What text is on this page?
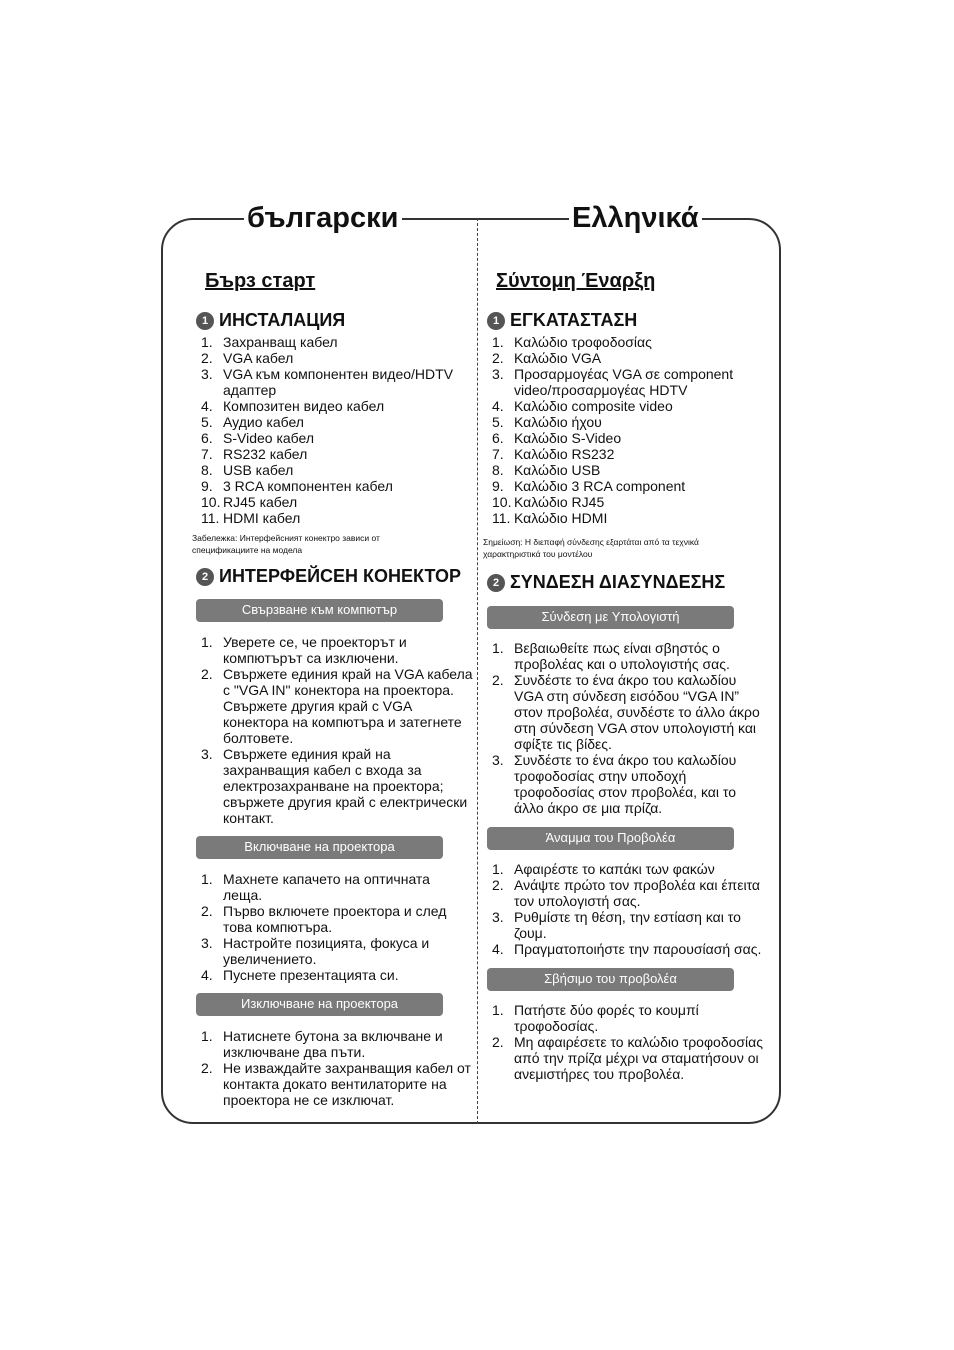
български	Ελληνικά
Бърз старт
1 ИНСТАЛАЦИЯ
1. Захранващ кабел
2. VGA кабел
3. VGA към компонентен видео/HDTV адаптер
4. Композитен видео кабел
5. Аудио кабел
6. S-Video кабел
7. RS232 кабел
8. USB кабел
9. 3 RCA компонентен кабел
10. RJ45 кабел
11. HDMI кабел
Забележка: Интерфейсният конектро зависи от спецификациите на модела
2 ИНТЕРФЕЙСЕН КОНЕКТОР
Свързване към компютър
1. Уверете се, че проекторът и компютърът са изключени.
2. Свържете единия край на VGA кабела с "VGA IN" конектора на проектора. Свържете другия край с VGA конектора на компютъра и затегнете болтовете.
3. Свържете единия край на захранващия кабел с входа за електрозахранване на проектора; свържете другия край с електрически контакт.
Включване на проектора
1. Махнете капачето на оптичната леща.
2. Първо включете проектора и след това компютъра.
3. Настройте позицията, фокуса и увеличението.
4. Пуснете презентацията си.
Изключване на проектора
1. Натиснете бутона за включване и изключване два пъти.
2. Не изваждайте захранващия кабел от контакта докато вентилаторите на проектора не се изключат.
Σύντομη Έναρξη
1 ΕΓΚΑΤΑΣΤΑΣΗ
1. Καλώδιο τροφοδοσίας
2. Καλώδιο VGA
3. Προσαρμογέας VGA σε component video/προσαρμογέας HDTV
4. Καλώδιο composite video
5. Καλώδιο ήχου
6. Καλώδιο S-Video
7. Καλώδιο RS232
8. Καλώδιο USB
9. Καλώδιο 3 RCA component
10. Καλώδιο RJ45
11. Καλώδιο HDMI
Σημείωση: Η διεπαφή σύνδεσης εξαρτάται από τα τεχνικά χαρακτηριστικά του μοντέλου
2 ΣΥΝΔΕΣΗ ΔΙΑΣΥΝΔΕΣΗΣ
Σύνδεση με Υπολογιστή
1. Βεβαιωθείτε πως είναι σβηστός ο προβολέας και ο υπολογιστής σας.
2. Συνδέστε το ένα άκρο του καλωδίου VGA στη σύνδεση εισόδου “VGA IN” στον προβολέα, συνδέστε το άλλο άκρο στη σύνδεση VGA στον υπολογιστή και σφίξτε τις βίδες.
3. Συνδέστε το ένα άκρο του καλωδίου τροφοδοσίας στην υποδοχή τροφοδοσίας στον προβολέα, και το άλλο άκρο σε μια πρίζα.
Άναμμα του Προβολέα
1. Αφαιρέστε το καπάκι των φακών
2. Ανάψτε πρώτο τον προβολέα και έπειτα τον υπολογιστή σας.
3. Ρυθμίστε τη θέση, την εστίαση και το ζουμ.
4. Πραγματοποιήστε την παρουσίασή σας.
Σβήσιμο του προβολέα
1. Πατήστε δύο φορές το κουμπί τροφοδοσίας.
2. Μη αφαιρέσετε το καλώδιο τροφοδοσίας από την πρίζα μέχρι να σταματήσουν οι ανεμιστήρες του προβολέα.
